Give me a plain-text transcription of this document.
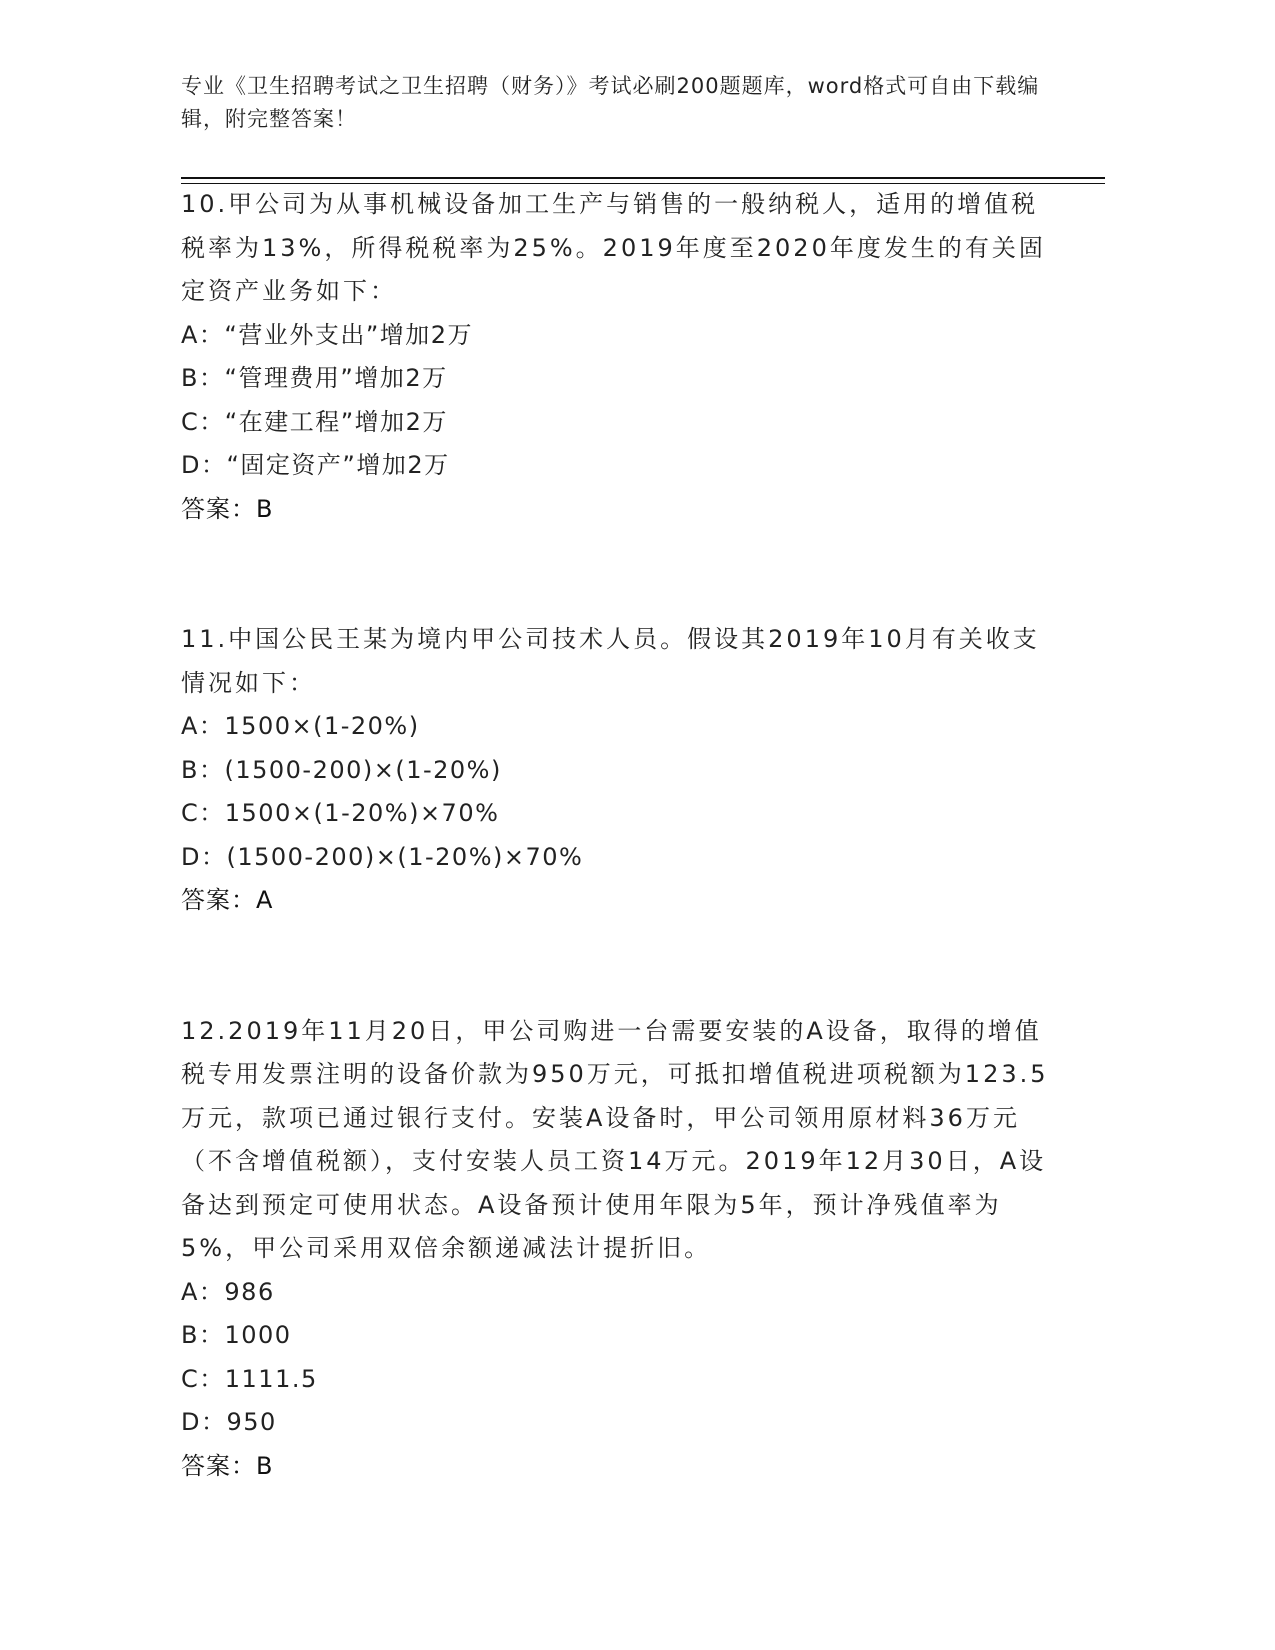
专业《卫生招聘考试之卫生招聘（财务）》考试必刷200题题库，word格式可自由下载编辑，附完整答案！
10.甲公司为从事机械设备加工生产与销售的一般纳税人，适用的增值税税率为13%，所得税税率为25%。2019年度至2020年度发生的有关固定资产业务如下：
A：“营业外支出”增加2万
B：“管理费用”增加2万
C：“在建工程”增加2万
D：“固定资产”增加2万
答案：B
11.中国公民王某为境内甲公司技术人员。假设其2019年10月有关收支情况如下：
A：1500×(1-20%)
B：(1500-200)×(1-20%)
C：1500×(1-20%)×70%
D：(1500-200)×(1-20%)×70%
答案：A
12.2019年11月20日，甲公司购进一台需要安装的A设备，取得的增值税专用发票注明的设备价款为950万元，可抵扣增值税进项税额为123.5万元，款项已通过银行支付。安装A设备时，甲公司领用原材料36万元（不含增值税额），支付安装人员工资14万元。2019年12月30日，A设备达到预定可使用状态。A设备预计使用年限为5年，预计净残值率为5%，甲公司采用双倍余额递减法计提折旧。
A：986
B：1000
C：1111.5
D：950
答案：B
